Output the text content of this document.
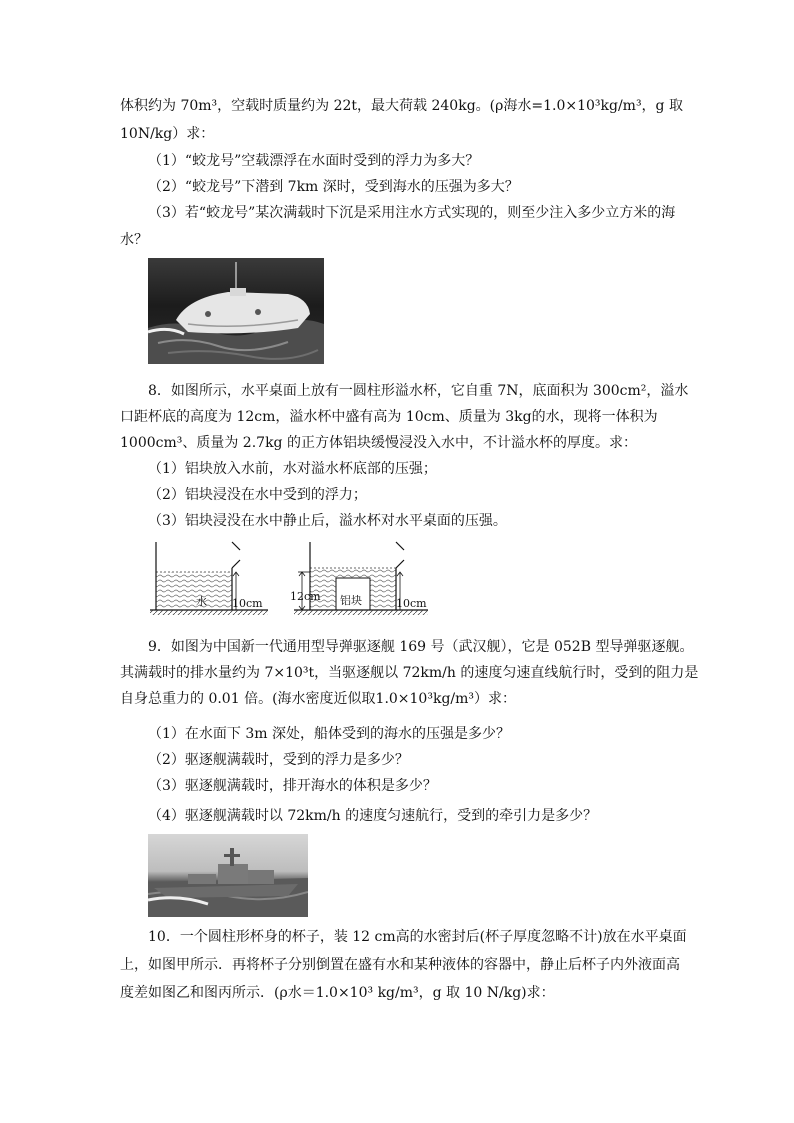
体积约为 70m³，空载时质量约为 22t，最大荷载 240kg。(ρ海水=1.0×10³kg/m³，g 取
10N/kg）求：
（1）“蛟龙号”空载漂浮在水面时受到的浮力为多大？
（2）“蛟龙号”下潜到 7km 深时，受到海水的压强为多大？
（3）若“蛟龙号”某次满载时下沉是采用注水方式实现的，则至少注入多少立方米的海
水？
8．如图所示，水平桌面上放有一圆柱形溢水杯，它自重 7N，底面积为 300cm²，溢水
口距杯底的高度为 12cm，溢水杯中盛有高为 10cm、质量为 3kg的水，现将一体积为
1000cm³、质量为 2.7kg 的正方体铝块缓慢浸没入水中，不计溢水杯的厚度。求：
（1）铝块放入水前，水对溢水杯底部的压强；
（2）铝块浸没在水中受到的浮力；
（3）铝块浸没在水中静止后，溢水杯对水平桌面的压强。
水 10cm
12cm 铝块	10cm
9．如图为中国新一代通用型导弹驱逐舰 169 号（武汉舰），它是 052B 型导弹驱逐舰。
其满载时的排水量约为 7×10³t，当驱逐舰以 72km/h 的速度匀速直线航行时，受到的阻力是
自身总重力的 0.01 倍。(海水密度近似取1.0×10³kg/m³）求：
（1）在水面下 3m 深处，船体受到的海水的压强是多少？
（2）驱逐舰满载时，受到的浮力是多少？
（3）驱逐舰满载时，排开海水的体积是多少？
（4）驱逐舰满载时以 72km/h 的速度匀速航行，受到的牵引力是多少？
10．一个圆柱形杯身的杯子，装 12 cm高的水密封后(杯子厚度忽略不计)放在水平桌面
上，如图甲所示．再将杯子分别倒置在盛有水和某种液体的容器中，静止后杯子内外液面高
度差如图乙和图丙所示．(ρ水＝1.0×10³ kg/m³，g 取 10 N/kg)求：
